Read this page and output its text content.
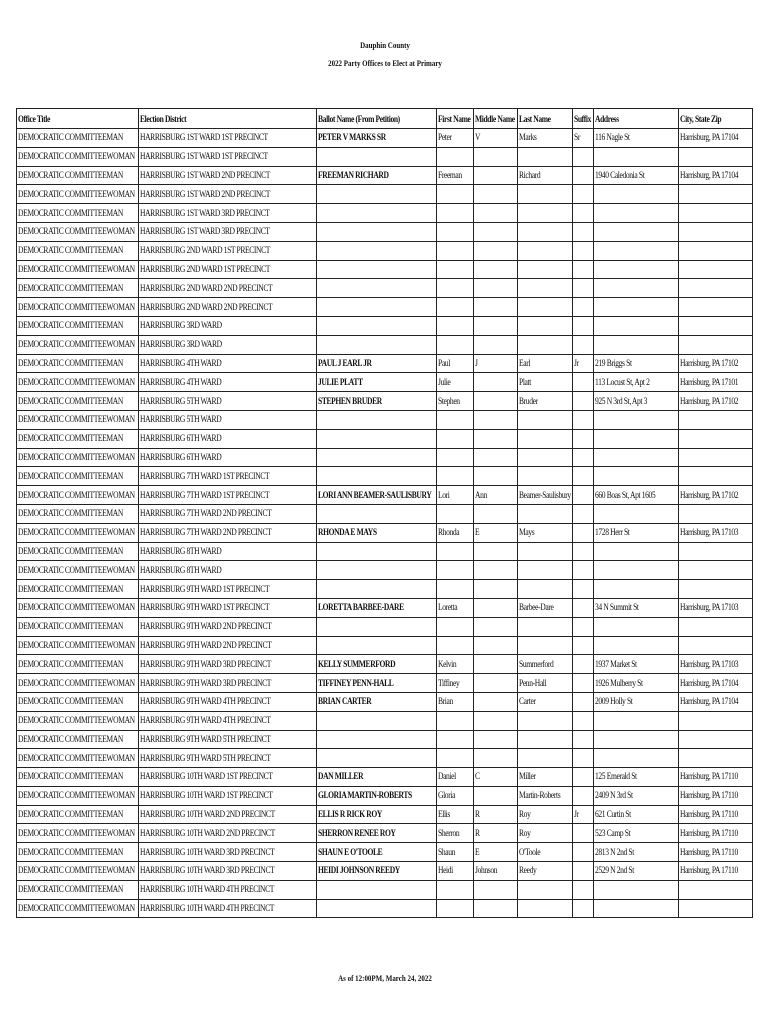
Dauphin County
2022 Party Offices to Elect at Primary
Office Title	Election District	Ballot Name (From Petition)	First Name	Middle Name	Last Name	Suffix	Address	City, State Zip
DEMOCRATIC COMMITTEEMAN	HARRISBURG 1ST WARD 1ST PRECINCT	PETER V MARKS SR	Peter	V	Marks	Sr	116 Nagle St	Harrisburg, PA 17104
DEMOCRATIC COMMITTEEWOMAN	HARRISBURG 1ST WARD 1ST PRECINCT							
DEMOCRATIC COMMITTEEMAN	HARRISBURG 1ST WARD 2ND PRECINCT	FREEMAN RICHARD	Freeman		Richard		1940 Caledonia St	Harrisburg, PA 17104
DEMOCRATIC COMMITTEEWOMAN	HARRISBURG 1ST WARD 2ND PRECINCT							
DEMOCRATIC COMMITTEEMAN	HARRISBURG 1ST WARD 3RD PRECINCT							
DEMOCRATIC COMMITTEEWOMAN	HARRISBURG 1ST WARD 3RD PRECINCT							
DEMOCRATIC COMMITTEEMAN	HARRISBURG 2ND WARD 1ST PRECINCT							
DEMOCRATIC COMMITTEEWOMAN	HARRISBURG 2ND WARD 1ST PRECINCT							
DEMOCRATIC COMMITTEEMAN	HARRISBURG 2ND WARD 2ND PRECINCT							
DEMOCRATIC COMMITTEEWOMAN	HARRISBURG 2ND WARD 2ND PRECINCT							
DEMOCRATIC COMMITTEEMAN	HARRISBURG 3RD WARD							
DEMOCRATIC COMMITTEEWOMAN	HARRISBURG 3RD WARD							
DEMOCRATIC COMMITTEEMAN	HARRISBURG 4TH WARD	PAUL J EARL JR	Paul	J	Earl	Jr	219 Briggs St	Harrisburg, PA 17102
DEMOCRATIC COMMITTEEWOMAN	HARRISBURG 4TH WARD	JULIE PLATT	Julie		Platt		113 Locust St, Apt 2	Harrisburg, PA 17101
DEMOCRATIC COMMITTEEMAN	HARRISBURG 5TH WARD	STEPHEN BRUDER	Stephen		Bruder		925 N 3rd St, Apt 3	Harrisburg, PA 17102
DEMOCRATIC COMMITTEEWOMAN	HARRISBURG 5TH WARD							
DEMOCRATIC COMMITTEEMAN	HARRISBURG 6TH WARD							
DEMOCRATIC COMMITTEEWOMAN	HARRISBURG 6TH WARD							
DEMOCRATIC COMMITTEEMAN	HARRISBURG 7TH WARD 1ST PRECINCT							
DEMOCRATIC COMMITTEEWOMAN	HARRISBURG 7TH WARD 1ST PRECINCT	LORI ANN BEAMER-SAULISBURY	Lori	Ann	Beamer-Saulisbury		660 Boas St, Apt 1605	Harrisburg, PA 17102
DEMOCRATIC COMMITTEEMAN	HARRISBURG 7TH WARD 2ND PRECINCT							
DEMOCRATIC COMMITTEEWOMAN	HARRISBURG 7TH WARD 2ND PRECINCT	RHONDA E MAYS	Rhonda	E	Mays		1728 Herr St	Harrisburg, PA 17103
DEMOCRATIC COMMITTEEMAN	HARRISBURG 8TH WARD							
DEMOCRATIC COMMITTEEWOMAN	HARRISBURG 8TH WARD							
DEMOCRATIC COMMITTEEMAN	HARRISBURG 9TH WARD 1ST PRECINCT							
DEMOCRATIC COMMITTEEWOMAN	HARRISBURG 9TH WARD 1ST PRECINCT	LORETTA BARBEE-DARE	Loretta		Barbee-Dare		34 N Summit St	Harrisburg, PA 17103
DEMOCRATIC COMMITTEEMAN	HARRISBURG 9TH WARD 2ND PRECINCT							
DEMOCRATIC COMMITTEEWOMAN	HARRISBURG 9TH WARD 2ND PRECINCT							
DEMOCRATIC COMMITTEEMAN	HARRISBURG 9TH WARD 3RD PRECINCT	KELLY SUMMERFORD	Kelvin		Summerford		1937 Market St	Harrisburg, PA 17103
DEMOCRATIC COMMITTEEWOMAN	HARRISBURG 9TH WARD 3RD PRECINCT	TIFFINEY PENN-HALL	Tiffiney		Penn-Hall		1926 Mulberry St	Harrisburg, PA 17104
DEMOCRATIC COMMITTEEMAN	HARRISBURG 9TH WARD 4TH PRECINCT	BRIAN CARTER	Brian		Carter		2009 Holly St	Harrisburg, PA 17104
DEMOCRATIC COMMITTEEWOMAN	HARRISBURG 9TH WARD 4TH PRECINCT							
DEMOCRATIC COMMITTEEMAN	HARRISBURG 9TH WARD 5TH PRECINCT							
DEMOCRATIC COMMITTEEWOMAN	HARRISBURG 9TH WARD 5TH PRECINCT							
DEMOCRATIC COMMITTEEMAN	HARRISBURG 10TH WARD 1ST PRECINCT	DAN MILLER	Daniel	C	Miller		125 Emerald St	Harrisburg, PA 17110
DEMOCRATIC COMMITTEEWOMAN	HARRISBURG 10TH WARD 1ST PRECINCT	GLORIA MARTIN-ROBERTS	Gloria		Martin-Roberts		2409 N 3rd St	Harrisburg, PA 17110
DEMOCRATIC COMMITTEEMAN	HARRISBURG 10TH WARD 2ND PRECINCT	ELLIS R RICK ROY	Ellis	R	Roy	Jr	621 Curtin St	Harrisburg, PA 17110
DEMOCRATIC COMMITTEEWOMAN	HARRISBURG 10TH WARD 2ND PRECINCT	SHERRON RENEE ROY	Sherron	R	Roy		523 Camp St	Harrisburg, PA 17110
DEMOCRATIC COMMITTEEMAN	HARRISBURG 10TH WARD 3RD PRECINCT	SHAUN E O'TOOLE	Shaun	E	O'Toole		2813 N 2nd St	Harrisburg, PA 17110
DEMOCRATIC COMMITTEEWOMAN	HARRISBURG 10TH WARD 3RD PRECINCT	HEIDI JOHNSON REEDY	Heidi	Johnson	Reedy		2529 N 2nd St	Harrisburg, PA 17110
DEMOCRATIC COMMITTEEMAN	HARRISBURG 10TH WARD 4TH PRECINCT							
DEMOCRATIC COMMITTEEWOMAN	HARRISBURG 10TH WARD 4TH PRECINCT							
As of 12:00PM, March 24, 2022
